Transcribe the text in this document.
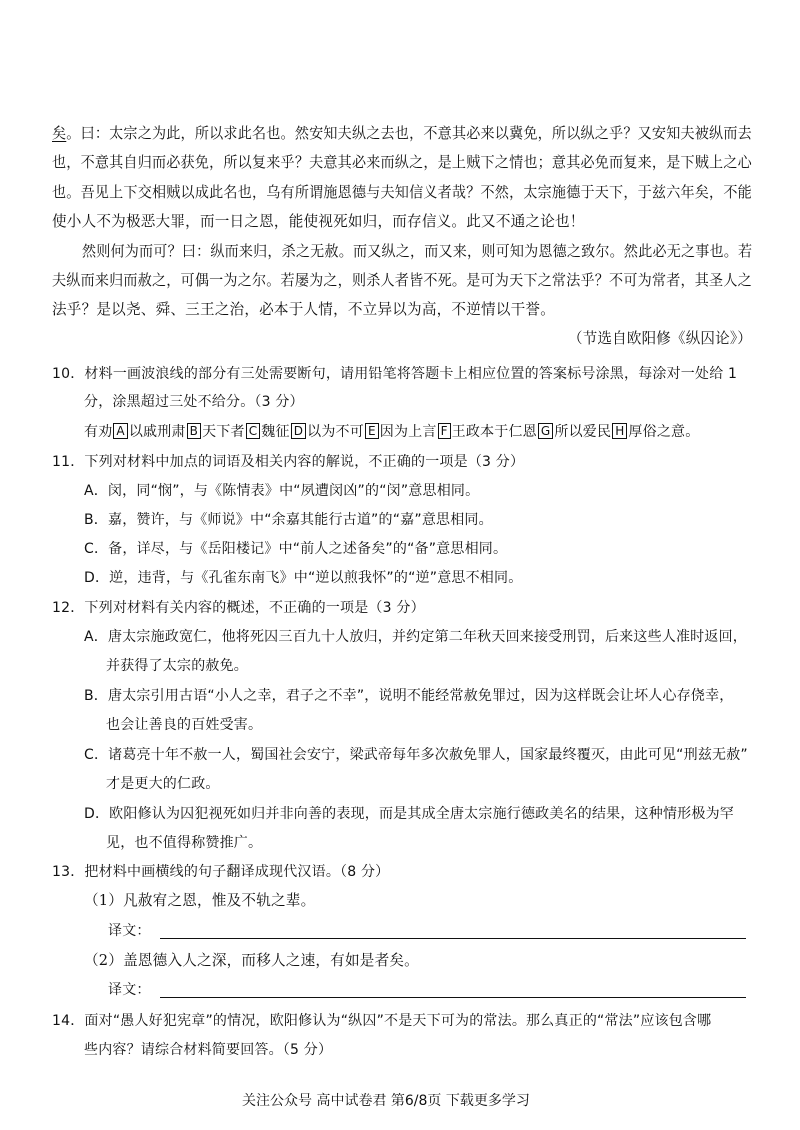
矣。曰：太宗之为此，所以求此名也。然安知夫纵之去也，不意其必来以冀免，所以纵之乎？又安知夫被纵而去
也，不意其自归而必获免，所以复来乎？夫意其必来而纵之，是上贼下之情也；意其必免而复来，是下贼上之心
也。吾见上下交相贼以成此名也，乌有所谓施恩德与夫知信义者哉？不然，太宗施德于天下，于兹六年矣，不能
使小人不为极恶大罪，而一日之恩，能使视死如归，而存信义。此又不通之论也！
然则何为而可？曰：纵而来归，杀之无赦。而又纵之，而又来，则可知为恩德之致尔。然此必无之事也。若
夫纵而来归而赦之，可偶一为之尔。若屡为之，则杀人者皆不死。是可为天下之常法乎？不可为常者，其圣人之
法乎？是以尧、舜、三王之治，必本于人情，不立异以为高，不逆情以干誉。
（节选自欧阳修《纵囚论》）
10．材料一画波浪线的部分有三处需要断句，请用铅笔将答题卡上相应位置的答案标号涂黑，每涂对一处给 1
分，涂黑超过三处不给分。（3 分）
有劝 A 以戚刑肃 B 天下者 C 魏征 D 以为不可 E 因为上言 F 王政本于仁恩 G 所以爱民 H 厚俗之意。
11．下列对材料中加点的词语及相关内容的解说，不正确的一项是（3 分）
A．闵，同“悯”，与《陈情表》中“夙遭闵凶”的“闵”意思相同。
B．嘉，赞许，与《师说》中“余嘉其能行古道”的“嘉”意思相同。
C．备，详尽，与《岳阳楼记》中“前人之述备矣”的“备”意思相同。
D．逆，违背，与《孔雀东南飞》中“逆以煎我怀”的“逆”意思不相同。
12．下列对材料有关内容的概述，不正确的一项是（3 分）
A．唐太宗施政宽仁，他将死囚三百九十人放归，并约定第二年秋天回来接受刑罚，后来这些人准时返回，
并获得了太宗的赦免。
B．唐太宗引用古语“小人之幸，君子之不幸”，说明不能经常赦免罪过，因为这样既会让坏人心存侥幸，
也会让善良的百姓受害。
C．诸葛亮十年不赦一人，蜀国社会安宁，梁武帝每年多次赦免罪人，国家最终覆灭，由此可见“刑兹无赦”
才是更大的仁政。
D．欧阳修认为囚犯视死如归并非向善的表现，而是其成全唐太宗施行德政美名的结果，这种情形极为罕
见，也不值得称赞推广。
13．把材料中画横线的句子翻译成现代汉语。（8 分）
（1）凡赦宥之恩，惟及不轨之辈。
译文：
（2）盖恩德入人之深，而移人之速，有如是者矣。
译文：
14．面对“愚人好犯宪章”的情况，欧阳修认为“纵囚”不是天下可为的常法。那么真正的“常法”应该包含哪
些内容？请综合材料简要回答。（5 分）
关注公众号 高中试卷君 第6/8页 下载更多学习
